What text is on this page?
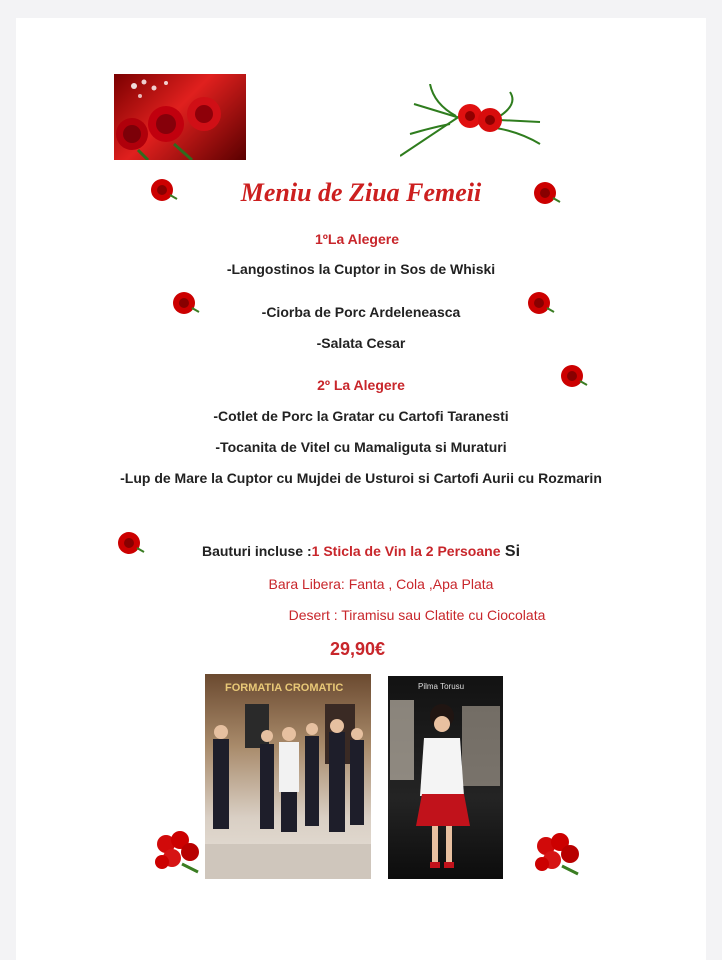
Meniu de Ziua Femeii
1ºLa Alegere
-Langostinos la Cuptor in Sos de Whiski
-Ciorba de Porc Ardeleneasca
-Salata Cesar
2º La Alegere
-Cotlet de Porc la Gratar cu Cartofi Taranesti
-Tocanita de Vitel cu Mamaliguta si Muraturi
-Lup de Mare la Cuptor cu Mujdei de Usturoi si Cartofi Aurii cu Rozmarin
Bauturi incluse :1 Sticla de Vin la 2 Persoane Si
Bara Libera: Fanta , Cola ,Apa Plata
Desert : Tiramisu sau Clatite cu Ciocolata
29,90€
FORMATIA CROMATIC	Pilma Torusu
